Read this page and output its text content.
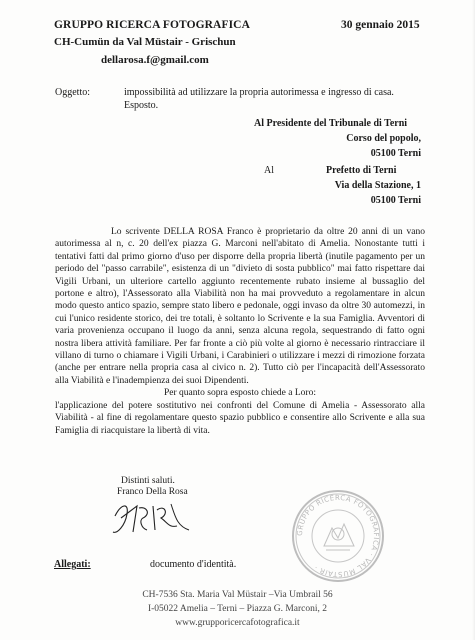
GRUPPO RICERCA FOTOGRAFICA
CH-Cumün da Val Müstair - Grischun
dellarosa.f@gmail.com
30 gennaio 2015
Oggetto:	impossibilità ad utilizzare la propria autorimessa e ingresso di casa.
Esposto.
Al Presidente del Tribunale di Terni
Corso del popolo,
05100 Terni
Al	Prefetto di Terni
Via della Stazione, 1
05100 Terni

Lo scrivente DELLA ROSA Franco è proprietario da oltre 20 anni di un vano autorimessa al n, c. 20 dell'ex piazza G. Marconi nell'abitato di Amelia. Nonostante tutti i tentativi fatti dal primo giorno d'uso per disporre della propria libertà (inutile pagamento per un periodo del "passo carrabile", esistenza di un "divieto di sosta pubblico" mai fatto rispettare dai Vigili Urbani, un ulteriore cartello aggiunto recentemente rubato insieme al bussaglio del portone e altro), l'Assessorato alla Viabilità non ha mai provveduto a regolamentare in alcun modo questo antico spazio, sempre stato libero e pedonale, oggi invaso da oltre 30 automezzi, in cui l'unico residente storico, dei tre totali, è soltanto lo Scrivente e la sua Famiglia. Avventori di varia provenienza occupano il luogo da anni, senza alcuna regola, sequestrando di fatto ogni nostra libera attività familiare. Per far fronte a ciò più volte al giorno è necessario rintracciare il villano di turno o chiamare i Vigili Urbani, i Carabinieri o utilizzare i mezzi di rimozione forzata (anche per entrare nella propria casa al civico n. 2). Tutto ciò per l'incapacità dell'Assessorato alla Viabilità e l'inadempienza dei suoi Dipendenti.

Per quanto sopra esposto chiede a Loro:

l'applicazione del potere sostitutivo nei confronti del Comune di Amelia - Assessorato alla Viabilità - al fine di regolamentare questo spazio pubblico e consentire allo Scrivente e alla sua Famiglia di riacquistare la libertà di vita.

Distinti saluti.
Franco Della Rosa
GRUPPO RICERCA FOTOGRAFICA · VAL MÜSTAIR ·
Allegati:	documento d'identità.
CH-7536 Sta. Maria Val Müstair –Via Umbrail 56
I-05022 Amelia – Terni – Piazza G. Marconi, 2
www.grupporicercafotografica.it
